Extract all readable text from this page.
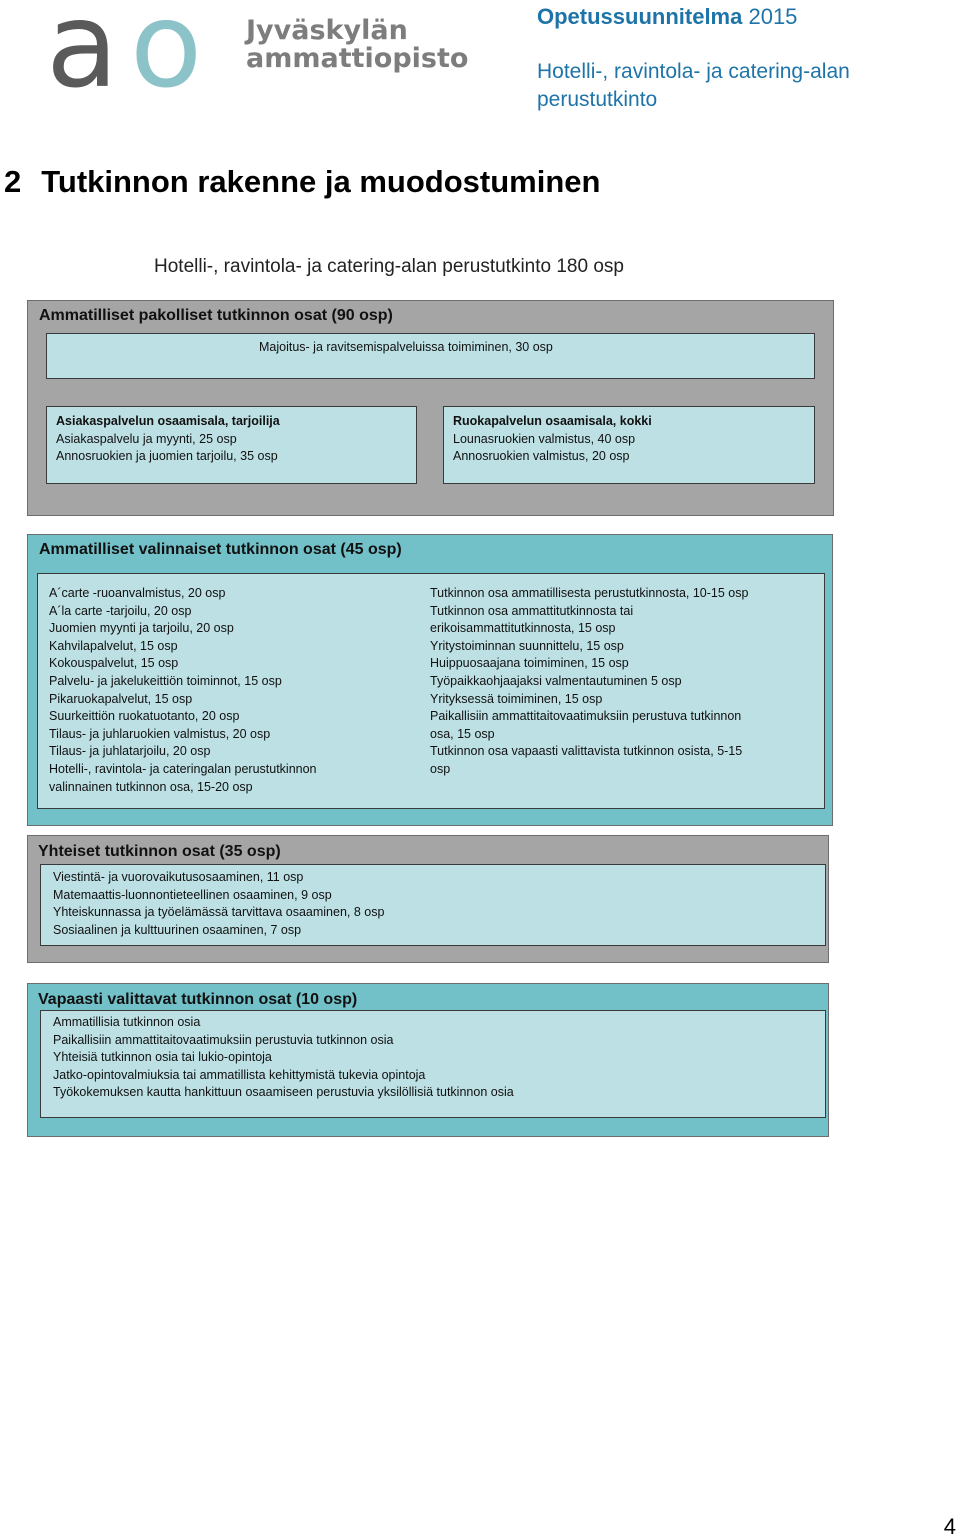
a o Jyväskylän
ammattiopisto
Opetussuunnitelma 2015
Hotelli-, ravintola- ja catering-alan perustutkinto
2 Tutkinnon rakenne ja muodostuminen
Hotelli-, ravintola- ja catering-alan perustutkinto 180 osp
Ammatilliset pakolliset tutkinnon osat (90 osp)
Majoitus- ja ravitsemispalveluissa toimiminen, 30 osp
Asiakaspalvelun osaamisala, tarjoilija
Asiakaspalvelu ja myynti, 25 osp
Annosruokien ja juomien tarjoilu, 35 osp
Ruokapalvelun osaamisala, kokki
Lounasruokien valmistus, 40 osp
Annosruokien valmistus, 20 osp
Ammatilliset valinnaiset tutkinnon osat (45 osp)
A´carte -ruoanvalmistus, 20 osp
A´la carte -tarjoilu, 20 osp
Juomien myynti ja tarjoilu, 20 osp
Kahvilapalvelut, 15 osp
Kokouspalvelut, 15 osp
Palvelu- ja jakelukeittiön toiminnot, 15 osp
Pikaruokapalvelut, 15 osp
Suurkeittiön ruokatuotanto, 20 osp
Tilaus- ja juhlaruokien valmistus, 20 osp
Tilaus- ja juhlatarjoilu, 20 osp
Hotelli-, ravintola- ja cateringalan perustutkinnon
valinnainen tutkinnon osa, 15-20 osp
Tutkinnon osa ammatillisesta perustutkinnosta, 10-15 osp
Tutkinnon osa ammattitutkinnosta tai
erikoisammattitutkinnosta, 15 osp
Yritystoiminnan suunnittelu, 15 osp
Huippuosaajana toimiminen, 15 osp
Työpaikkaohjaajaksi valmentautuminen 5 osp
Yrityksessä toimiminen, 15 osp
Paikallisiin ammattitaitovaatimuksiin perustuva tutkinnon
osa, 15 osp
Tutkinnon osa vapaasti valittavista tutkinnon osista, 5-15
osp
Yhteiset tutkinnon osat (35 osp)
Viestintä- ja vuorovaikutusosaaminen, 11 osp
Matemaattis-luonnontieteellinen osaaminen, 9 osp
Yhteiskunnassa ja työelämässä tarvittava osaaminen, 8 osp
Sosiaalinen ja kulttuurinen osaaminen, 7 osp
Vapaasti valittavat tutkinnon osat (10 osp)
Ammatillisia tutkinnon osia
Paikallisiin ammattitaitovaatimuksiin perustuvia tutkinnon osia
Yhteisiä tutkinnon osia tai lukio-opintoja
Jatko-opintovalmiuksia tai ammatillista kehittymistä tukevia opintoja
Työkokemuksen kautta hankittuun osaamiseen perustuvia yksilöllisiä tutkinnon osia
4
